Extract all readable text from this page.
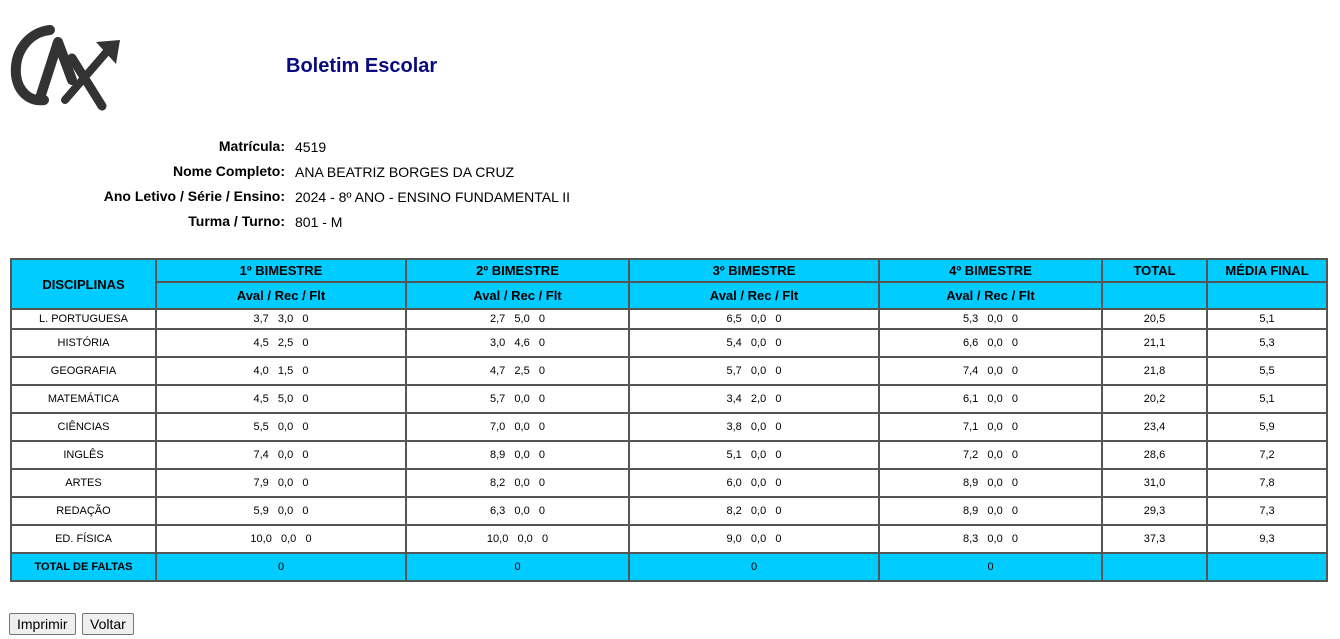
Boletim Escolar
Matrícula: 4519
Nome Completo: ANA BEATRIZ BORGES DA CRUZ
Ano Letivo / Série / Ensino: 2024 - 8º ANO - ENSINO FUNDAMENTAL II
Turma / Turno: 801 - M
DISCIPLINAS	1º BIMESTRE	2º BIMESTRE	3º BIMESTRE	4º BIMESTRE	TOTAL	MÉDIA FINAL
	Aval / Rec / Flt	Aval / Rec / Flt	Aval / Rec / Flt	Aval / Rec / Flt		
L. PORTUGUESA	3,7   3,0   0	2,7   5,0   0	6,5   0,0   0	5,3   0,0   0	20,5	5,1
HISTÓRIA	4,5   2,5   0	3,0   4,6   0	5,4   0,0   0	6,6   0,0   0	21,1	5,3
GEOGRAFIA	4,0   1,5   0	4,7   2,5   0	5,7   0,0   0	7,4   0,0   0	21,8	5,5
MATEMÁTICA	4,5   5,0   0	5,7   0,0   0	3,4   2,0   0	6,1   0,0   0	20,2	5,1
CIÊNCIAS	5,5   0,0   0	7,0   0,0   0	3,8   0,0   0	7,1   0,0   0	23,4	5,9
INGLÊS	7,4   0,0   0	8,9   0,0   0	5,1   0,0   0	7,2   0,0   0	28,6	7,2
ARTES	7,9   0,0   0	8,2   0,0   0	6,0   0,0   0	8,9   0,0   0	31,0	7,8
REDAÇÃO	5,9   0,0   0	6,3   0,0   0	8,2   0,0   0	8,9   0,0   0	29,3	7,3
ED. FÍSICA	10,0   0,0   0	10,0   0,0   0	9,0   0,0   0	8,3   0,0   0	37,3	9,3
TOTAL DE FALTAS	0	0	0	0		
Imprimir Voltar
